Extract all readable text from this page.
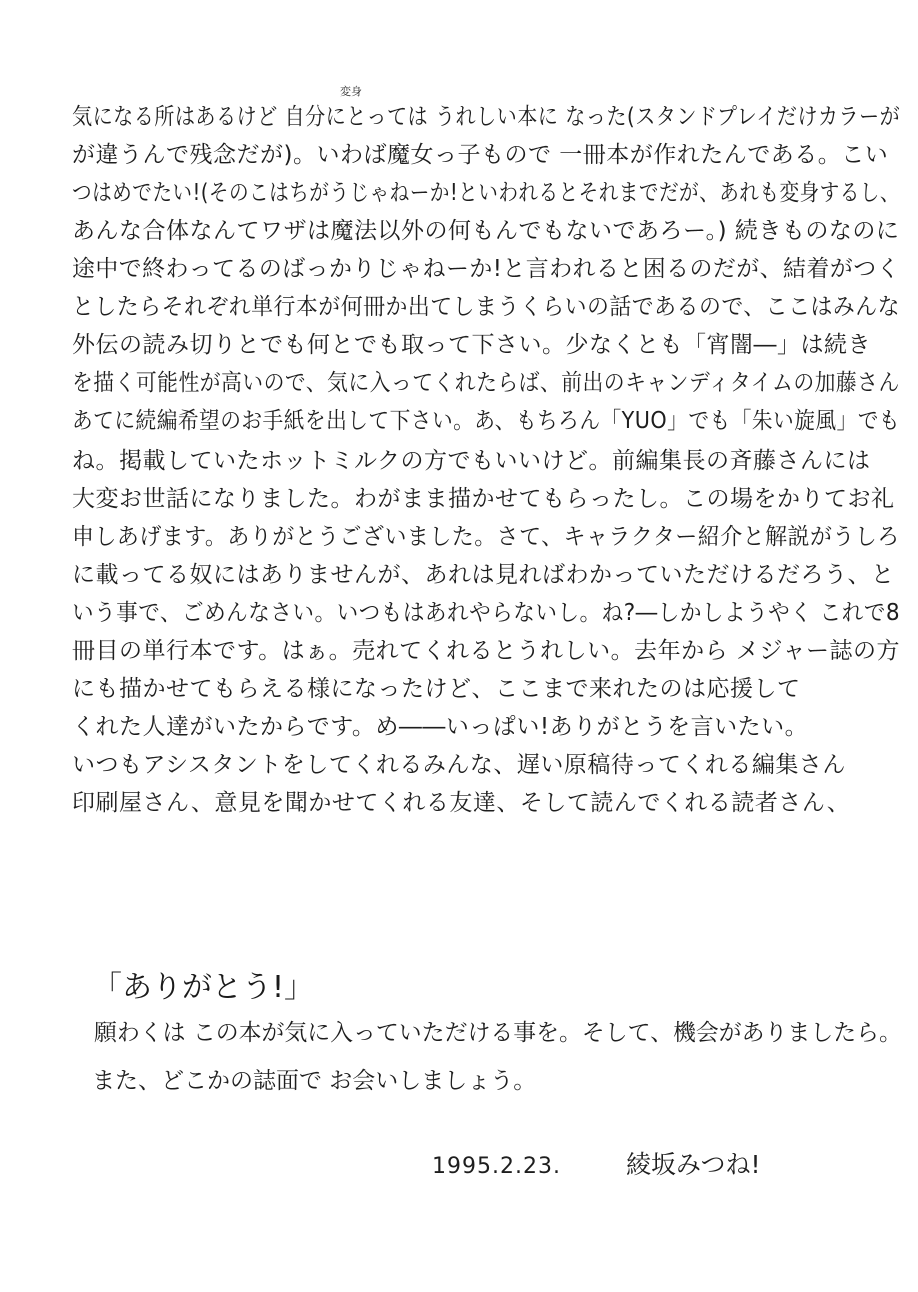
変身
気になる所はあるけど 自分にとっては うれしい本に なった(スタンドプレイだけカラーが
が違うんで残念だが)。いわば魔女っ子もので 一冊本が作れたんである。こい
つはめでたい!(そのこはちがうじゃねーか!といわれるとそれまでだが、あれも変身するし、
あんな合体なんてワザは魔法以外の何もんでもないであろー。) 続きものなのに
途中で終わってるのばっかりじゃねーか!と言われると困るのだが、結着がつく
としたらそれぞれ単行本が何冊か出てしまうくらいの話であるので、ここはみんな
外伝の読み切りとでも何とでも取って下さい。少なくとも「宵闇―」は続き
を描く可能性が高いので、気に入ってくれたらば、前出のキャンディタイムの加藤さん
あてに続編希望のお手紙を出して下さい。あ、もちろん「YUO」でも「朱い旋風」でも
ね。掲載していたホットミルクの方でもいいけど。前編集長の斉藤さんには
大変お世話になりました。わがまま描かせてもらったし。この場をかりてお礼
申しあげます。ありがとうございました。さて、キャラクター紹介と解説がうしろ
に載ってる奴にはありませんが、あれは見ればわかっていただけるだろう、と
いう事で、ごめんなさい。いつもはあれやらないし。ね?―しかしようやく これで8
冊目の単行本です。はぁ。売れてくれるとうれしい。去年から メジャー誌の方
にも描かせてもらえる様になったけど、ここまで来れたのは応援して
くれた人達がいたからです。め――いっぱい!ありがとうを言いたい。
いつもアシスタントをしてくれるみんな、遅い原稿待ってくれる編集さん
印刷屋さん、意見を聞かせてくれる友達、そして読んでくれる読者さん、
「ありがとう!」
願わくは この本が気に入っていただける事を。そして、機会がありましたら。
また、どこかの誌面で お会いしましょう。
1995.2.23.	綾坂みつね!
